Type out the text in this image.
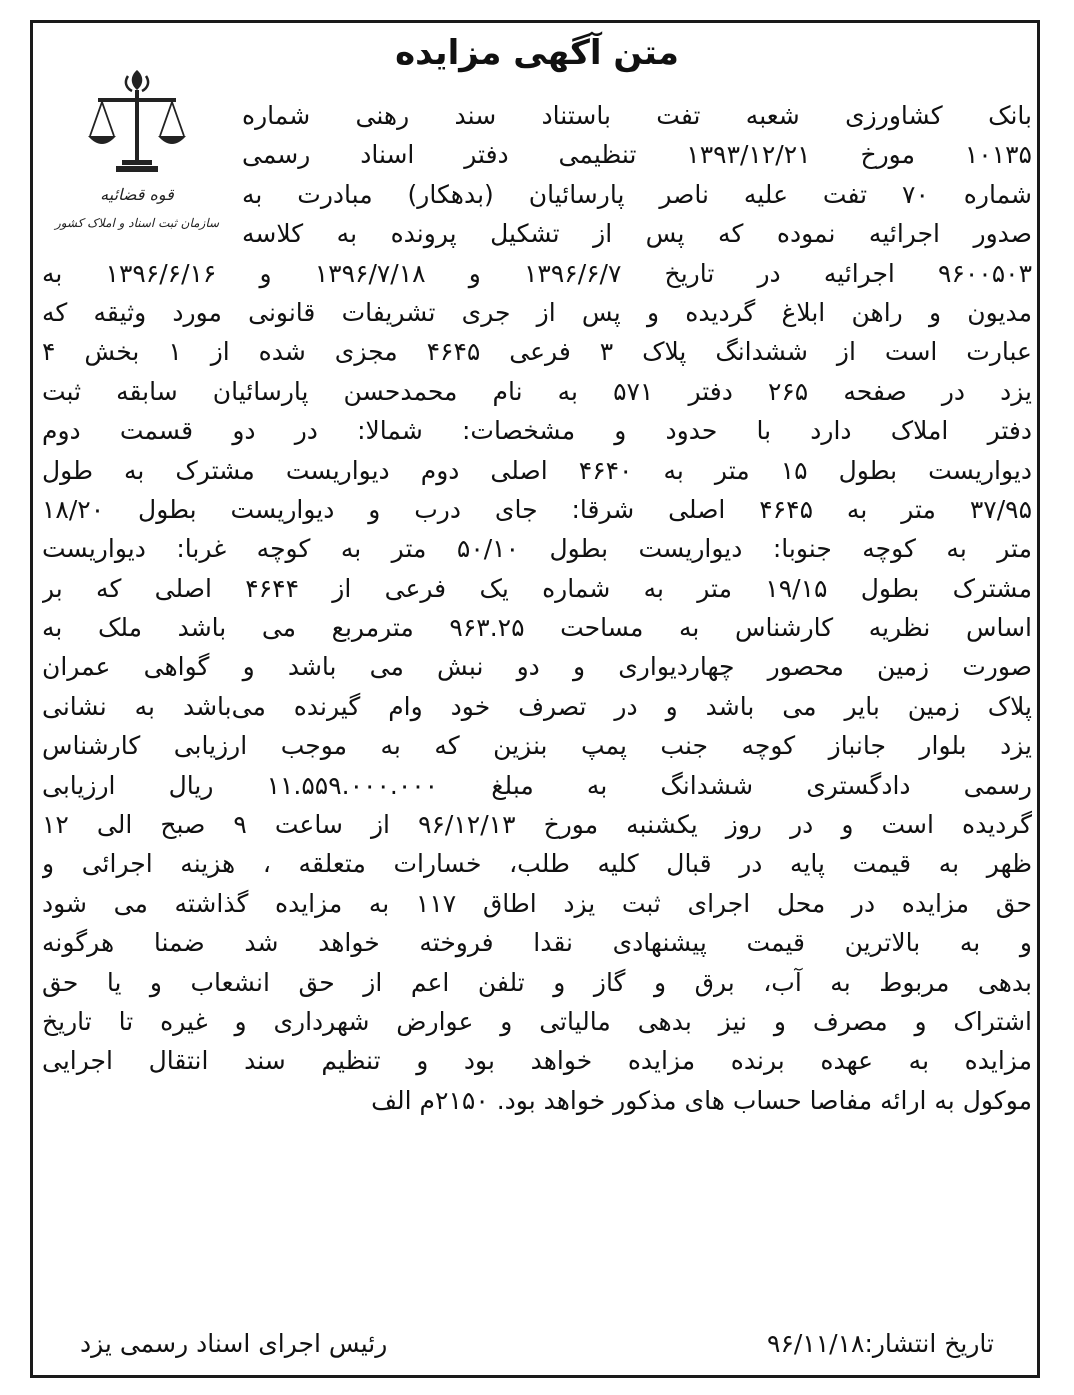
متن آگهی مزایده
قوه قضائیه
سازمان ثبت اسناد و املاک کشور
بانک کشاورزی شعبه تفت باستناد سند رهنی شماره
۱۰۱۳۵ مورخ ۱۳۹۳/۱۲/۲۱ تنظیمی دفتر اسناد رسمی
شماره ۷۰ تفت علیه ناصر پارسائیان (بدهکار) مبادرت به
صدور اجرائیه نموده که پس از تشکیل پرونده به کلاسه
۹۶۰۰۵۰۳ اجرائیه در تاریخ ۱۳۹۶/۶/۷ و ۱۳۹۶/۷/۱۸ و ۱۳۹۶/۶/۱۶ به
مدیون و راهن ابلاغ گردیده و پس از جری تشریفات قانونی مورد وثیقه که
عبارت است از ششدانگ پلاک ۳ فرعی ۴۶۴۵ مجزی شده از ۱ بخش ۴
یزد در صفحه ۲۶۵ دفتر ۵۷۱ به نام محمدحسن پارسائیان سابقه ثبت
دفتر املاک دارد با حدود و مشخصات: شمالا: در دو قسمت دوم
دیواریست بطول ۱۵ متر به ۴۶۴۰ اصلی دوم دیواریست مشترک به طول
۳۷/۹۵ متر به ۴۶۴۵ اصلی شرقا: جای درب و دیواریست بطول ۱۸/۲۰
متر به کوچه جنوبا: دیواریست بطول ۵۰/۱۰ متر به کوچه غربا: دیواریست
مشترک بطول ۱۹/۱۵ متر به شماره یک فرعی از ۴۶۴۴ اصلی که بر
اساس نظریه کارشناس به مساحت ۹۶۳.۲۵ مترمربع می باشد ملک به
صورت زمین محصور چهاردیواری و دو نبش می باشد و گواهی عمران
پلاک زمین بایر می باشد و در تصرف خود وام گیرنده می‌باشد به نشانی
یزد بلوار جانباز کوچه جنب پمپ بنزین که به موجب ارزیابی کارشناس
رسمی دادگستری ششدانگ به مبلغ ۱۱.۵۵۹.۰۰۰.۰۰۰ ریال ارزیابی
گردیده است و در روز یکشنبه مورخ ۹۶/۱۲/۱۳ از ساعت ۹ صبح الی ۱۲
ظهر به قیمت پایه در قبال کلیه طلب، خسارات متعلقه ، هزینه اجرائی و
حق مزایده در محل اجرای ثبت یزد اطاق ۱۱۷ به مزایده گذاشته می شود
و به بالاترین قیمت پیشنهادی نقدا فروخته خواهد شد ضمنا هرگونه
بدهی مربوط به آب، برق و گاز و تلفن اعم از حق انشعاب و یا حق
اشتراک و مصرف و نیز بدهی مالیاتی و عوارض شهرداری و غیره تا تاریخ
مزایده به عهده برنده مزایده خواهد بود و تنظیم سند انتقال اجرایی
موکول به ارائه مفاصا حساب های مذکور خواهد بود. ۲۱۵۰م الف
تاریخ انتشار:۹۶/۱۱/۱۸
رئیس اجرای اسناد رسمی یزد
